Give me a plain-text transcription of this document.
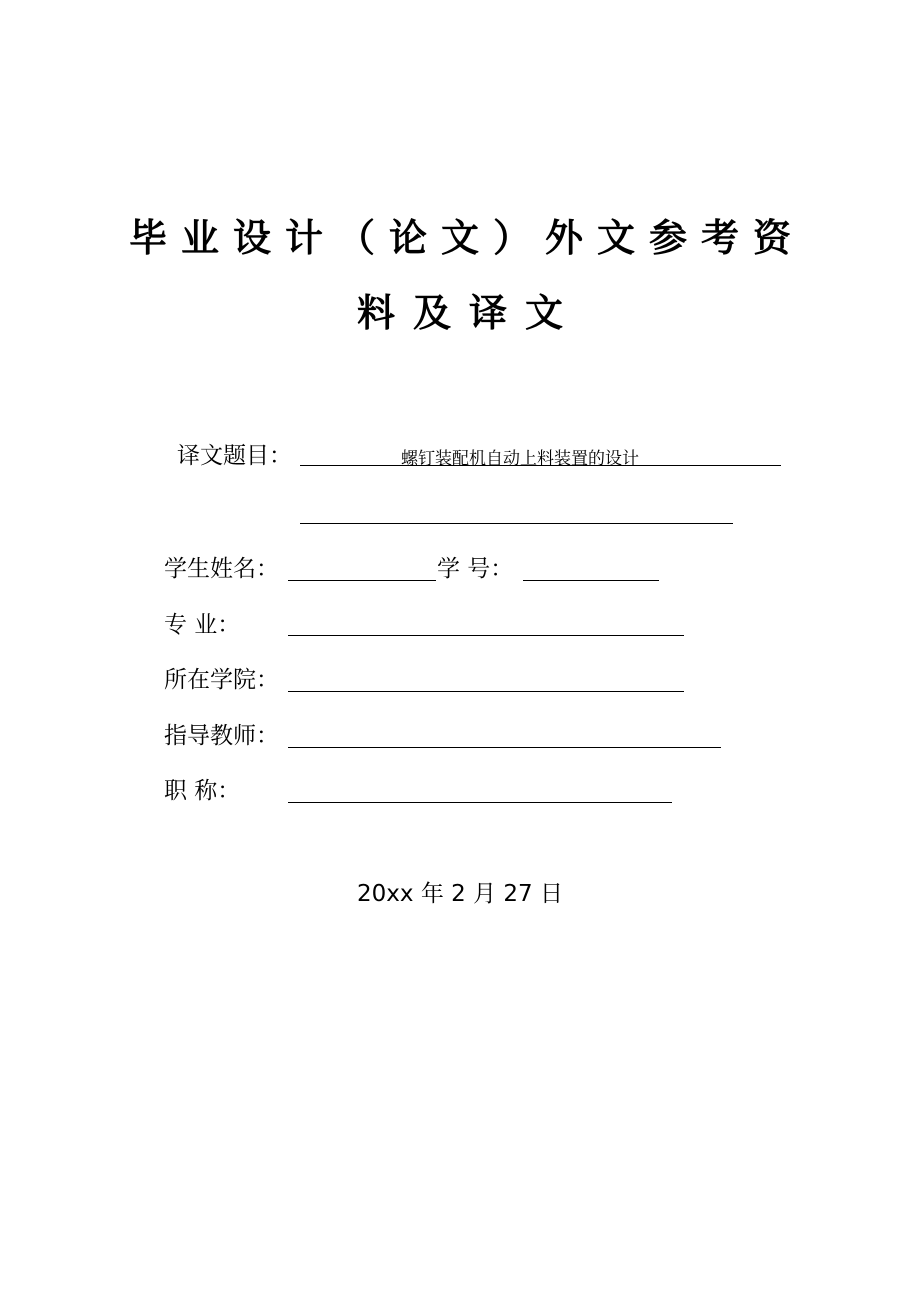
毕业设计（论文）外文参考资
料及译文
译文题目：	螺钉装配机自动上料装置的设计
学生姓名：	学 号：
专 业：
所在学院：
指导教师：
职 称：
20xx 年 2 月 27 日
